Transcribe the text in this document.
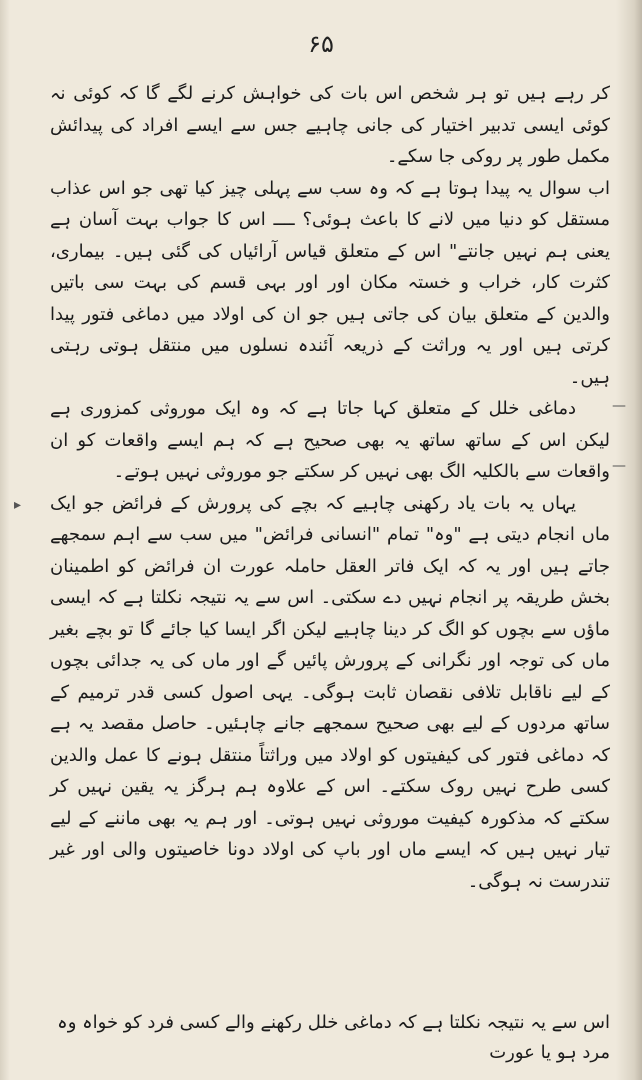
۶۵

کر رہے ہیں تو ہر شخص اس بات کی خواہش کرنے لگے گا کہ کوئی نہ کوئی ایسی تدبیر اختیار کی جانی چاہیے جس سے ایسے افراد کی پیدائش مکمل طور پر روکی جا سکے۔

اب سوال یہ پیدا ہوتا ہے کہ وہ سب سے پہلی چیز کیا تھی جو اس عذاب مستقل کو دنیا میں لانے کا باعث ہوئی؟ ــــ اس کا جواب بہت آسان ہے یعنی ہم نہیں جانتے" اس کے متعلق قیاس آرائیاں کی گئی ہیں۔ بیماری، کثرت کار، خراب و خستہ مکان اور اور بہی قسم کی بہت سی باتیں والدین کے متعلق بیان کی جاتی ہیں جو ان کی اولاد میں دماغی فتور پیدا کرتی ہیں اور یہ وراثت کے ذریعہ آئندہ نسلوں میں منتقل ہوتی رہتی ہیں۔

دماغی خلل کے متعلق کہا جاتا ہے کہ وہ ایک موروثی کمزوری ہے لیکن اس کے ساتھ ساتھ یہ بھی صحیح ہے کہ ہم ایسے واقعات کو ان واقعات سے بالکلیہ الگ بھی نہیں کر سکتے جو موروثی نہیں ہوتے۔

یہاں یہ بات یاد رکھنی چاہیے کہ بچے کی پرورش کے فرائض جو ایک ماں انجام دیتی ہے "وہ" تمام "انسانی فرائض" میں سب سے اہم سمجھے جاتے ہیں اور یہ کہ ایک فاتر العقل حاملہ عورت ان فرائض کو اطمینان بخش طریقہ پر انجام نہیں دے سکتی۔ اس سے یہ نتیجہ نکلتا ہے کہ ایسی ماؤں سے بچوں کو الگ کر دینا چاہیے لیکن اگر ایسا کیا جائے گا تو بچے بغیر ماں کی توجہ اور نگرانی کے پرورش پائیں گے اور ماں کی یہ جدائی بچوں کے لیے ناقابل تلافی نقصان ثابت ہوگی۔ یہی اصول کسی قدر ترمیم کے ساتھ مردوں کے لیے بھی صحیح سمجھے جانے چاہئیں۔ حاصل مقصد یہ ہے کہ دماغی فتور کی کیفیتوں کو اولاد میں وراثتاً منتقل ہونے کا عمل والدین کسی طرح نہیں روک سکتے۔ اس کے علاوہ ہم ہرگز یہ یقین نہیں کر سکتے کہ مذکورہ کیفیت موروثی نہیں ہوتی۔ اور ہم یہ بھی ماننے کے لیے تیار نہیں ہیں کہ ایسے ماں اور باپ کی اولاد دونا خاصیتوں والی اور غیر تندرست نہ ہوگی۔

اس سے یہ نتیجہ نکلتا ہے کہ دماغی خلل رکھنے والے کسی فرد کو خواہ وہ مرد ہو یا عورت
—
—
▸
